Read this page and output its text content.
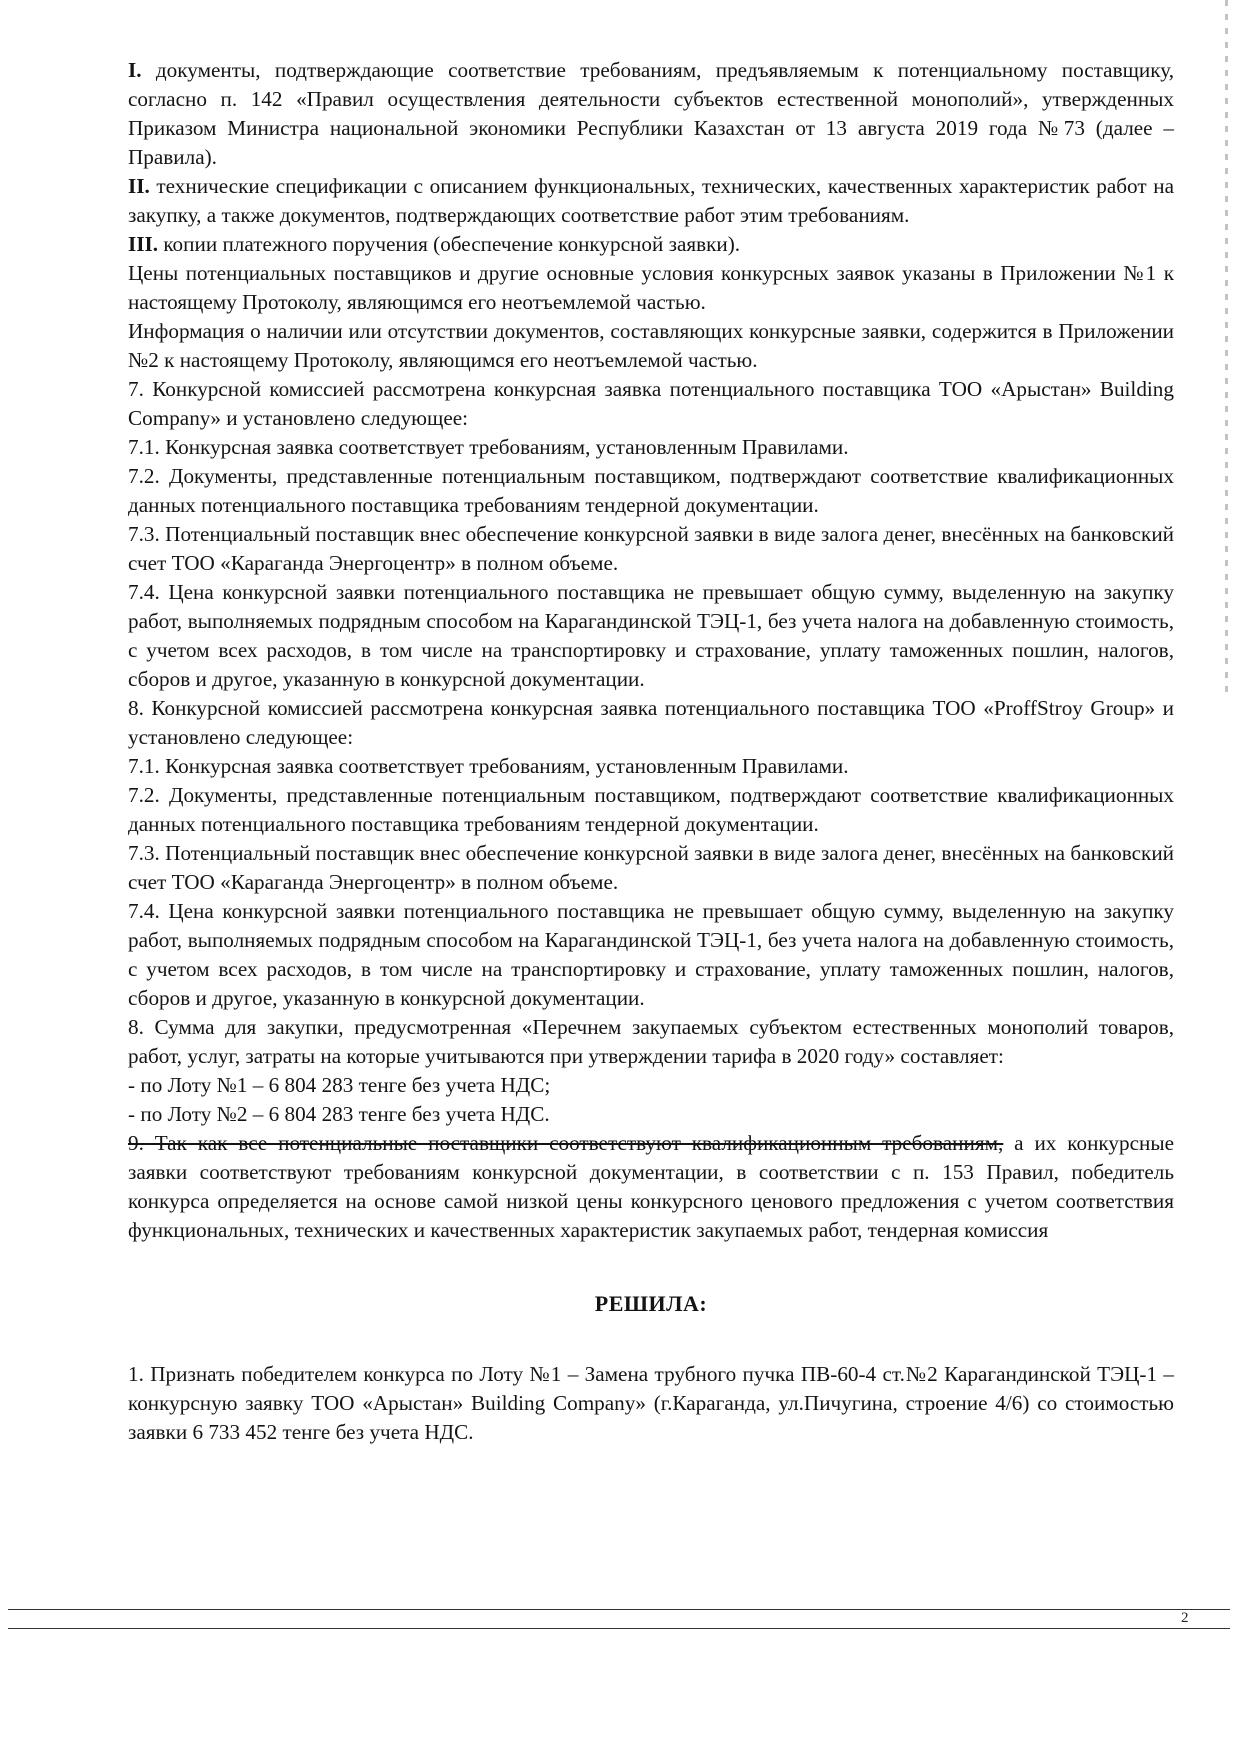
I. документы, подтверждающие соответствие требованиям, предъявляемым к потенциальному поставщику, согласно п. 142 «Правил осуществления деятельности субъектов естественной монополий», утвержденных Приказом Министра национальной экономики Республики Казахстан от 13 августа 2019 года №73 (далее – Правила).

II. технические спецификации с описанием функциональных, технических, качественных характеристик работ на закупку, а также документов, подтверждающих соответствие работ этим требованиям.

III. копии платежного поручения (обеспечение конкурсной заявки).

Цены потенциальных поставщиков и другие основные условия конкурсных заявок указаны в Приложении №1 к настоящему Протоколу, являющимся его неотъемлемой частью.

Информация о наличии или отсутствии документов, составляющих конкурсные заявки, содержится в Приложении №2 к настоящему Протоколу, являющимся его неотъемлемой частью.

7. Конкурсной комиссией рассмотрена конкурсная заявка потенциального поставщика ТОО «Арыстан» Building Company» и установлено следующее:

7.1. Конкурсная заявка соответствует требованиям, установленным Правилами.

7.2. Документы, представленные потенциальным поставщиком, подтверждают соответствие квалификационных данных потенциального поставщика требованиям тендерной документации.

7.3. Потенциальный поставщик внес обеспечение конкурсной заявки в виде залога денег, внесённых на банковский счет ТОО «Караганда Энергоцентр» в полном объеме.

7.4. Цена конкурсной заявки потенциального поставщика не превышает общую сумму, выделенную на закупку работ, выполняемых подрядным способом на Карагандинской ТЭЦ-1, без учета налога на добавленную стоимость, с учетом всех расходов, в том числе на транспортировку и страхование, уплату таможенных пошлин, налогов, сборов и другое, указанную в конкурсной документации.

8. Конкурсной комиссией рассмотрена конкурсная заявка потенциального поставщика ТОО «ProffStroy Group» и установлено следующее:

7.1. Конкурсная заявка соответствует требованиям, установленным Правилами.

7.2. Документы, представленные потенциальным поставщиком, подтверждают соответствие квалификационных данных потенциального поставщика требованиям тендерной документации.

7.3. Потенциальный поставщик внес обеспечение конкурсной заявки в виде залога денег, внесённых на банковский счет ТОО «Караганда Энергоцентр» в полном объеме.

7.4. Цена конкурсной заявки потенциального поставщика не превышает общую сумму, выделенную на закупку работ, выполняемых подрядным способом на Карагандинской ТЭЦ-1, без учета налога на добавленную стоимость, с учетом всех расходов, в том числе на транспортировку и страхование, уплату таможенных пошлин, налогов, сборов и другое, указанную в конкурсной документации.

8. Сумма для закупки, предусмотренная «Перечнем закупаемых субъектом естественных монополий товаров, работ, услуг, затраты на которые учитываются при утверждении тарифа в 2020 году» составляет:

- по Лоту №1 – 6 804 283 тенге без учета НДС;

- по Лоту №2 – 6 804 283 тенге без учета НДС.

9. Так как все потенциальные поставщики соответствуют квалификационным требованиям, а их конкурсные заявки соответствуют требованиям конкурсной документации, в соответствии с п. 153 Правил, победитель конкурса определяется на основе самой низкой цены конкурсного ценового предложения с учетом соответствия функциональных, технических и качественных характеристик закупаемых работ, тендерная комиссия

РЕШИЛА:

1. Признать победителем конкурса по Лоту №1 – Замена трубного пучка ПВ-60-4 ст.№2 Карагандинской ТЭЦ-1 – конкурсную заявку ТОО «Арыстан» Building Company» (г.Караганда, ул.Пичугина, строение 4/6) со стоимостью заявки 6 733 452 тенге без учета НДС.

2
